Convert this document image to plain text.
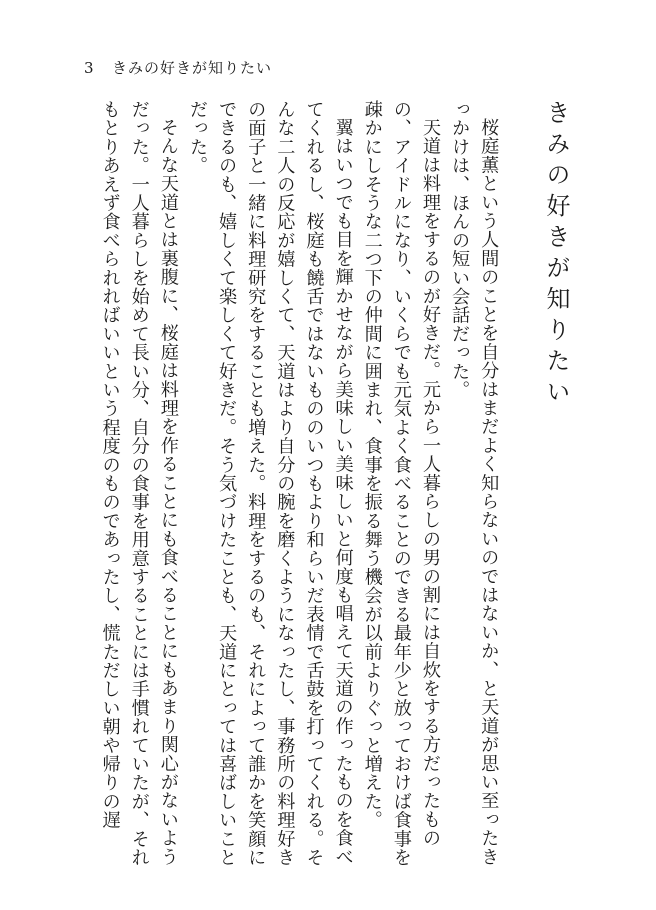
3	きみの好きが知りたい
きみの好きが知りたい

桜庭薫という人間のことを自分はまだよく知らないのではないか、と天道が思い至ったきっかけは、ほんの短い会話だった。

天道は料理をするのが好きだ。元から一人暮らしの男の割には自炊をする方だったものの、アイドルになり、いくらでも元気よく食べることのできる最年少と放っておけば食事を疎かにしそうな二つ下の仲間に囲まれ、食事を振る舞う機会が以前よりぐっと増えた。

翼はいつでも目を輝かせながら美味しい美味しいと何度も唱えて天道の作ったものを食べてくれるし、桜庭も饒舌ではないもののいつもより和らいだ表情で舌鼓を打ってくれる。そんな二人の反応が嬉しくて、天道はより自分の腕を磨くようになったし、事務所の料理好きの面子と一緒に料理研究をすることも増えた。料理をするのも、それによって誰かを笑顔にできるのも、嬉しくて楽しくて好きだ。そう気づけたことも、天道にとっては喜ばしいことだった。

そんな天道とは裏腹に、桜庭は料理を作ることにも食べることにもあまり関心がないようだった。一人暮らしを始めて長い分、自分の食事を用意することには手慣れていたが、それもとりあえず食べられればいいという程度のものであったし、慌ただしい朝や帰りの遅
